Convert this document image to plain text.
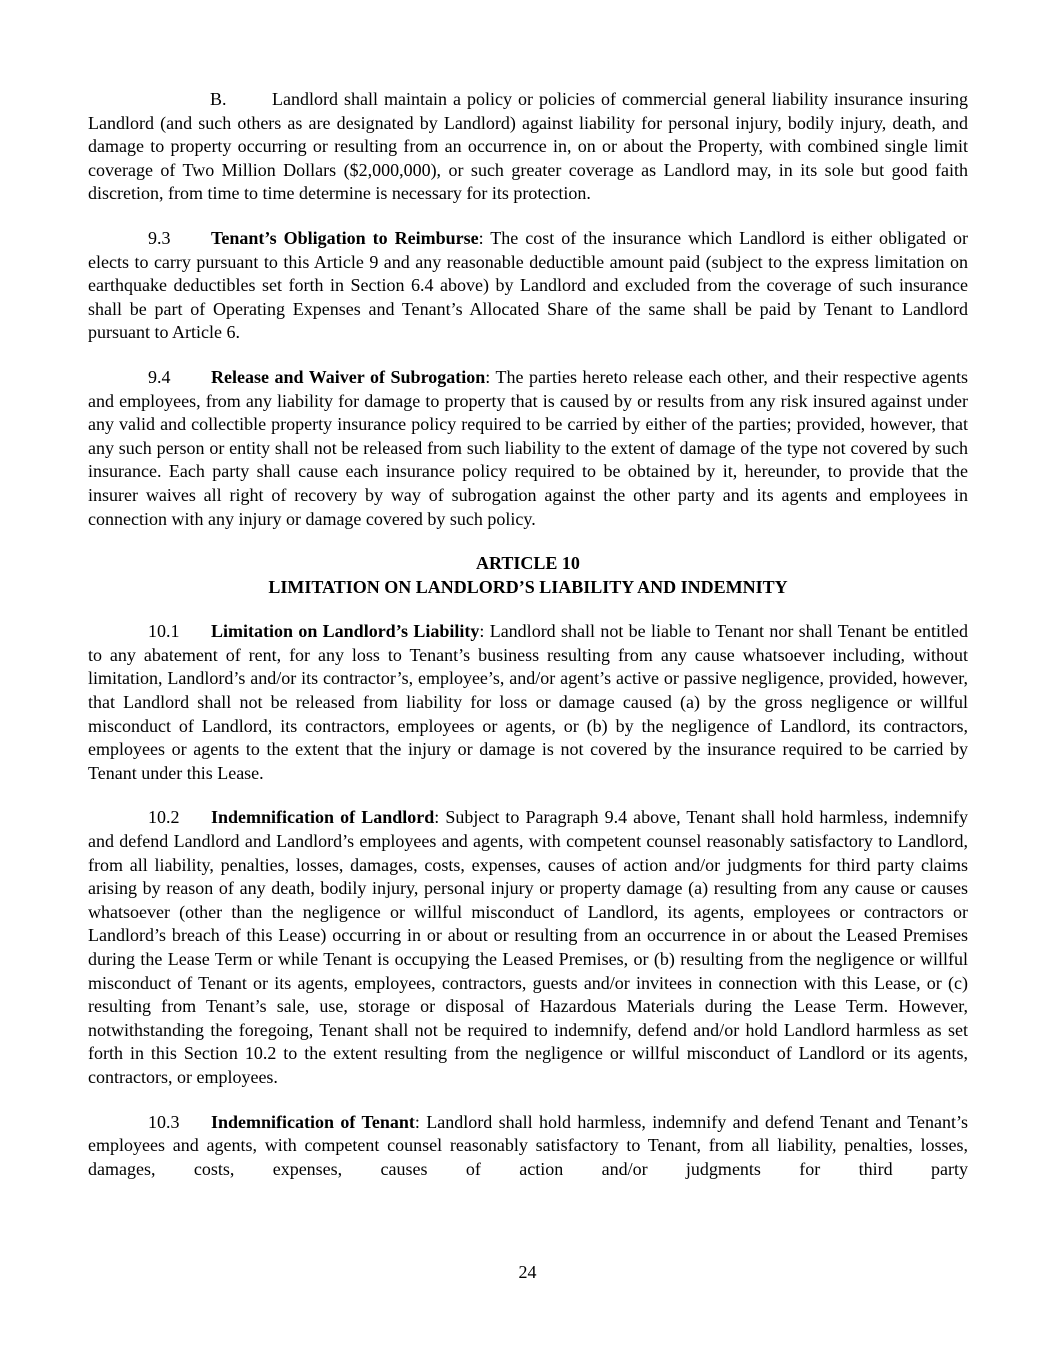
B.	Landlord shall maintain a policy or policies of commercial general liability insurance insuring Landlord (and such others as are designated by Landlord) against liability for personal injury, bodily injury, death, and damage to property occurring or resulting from an occurrence in, on or about the Property, with combined single limit coverage of Two Million Dollars ($2,000,000), or such greater coverage as Landlord may, in its sole but good faith discretion, from time to time determine is necessary for its protection.

9.3 Tenant’s Obligation to Reimburse: The cost of the insurance which Landlord is either obligated or elects to carry pursuant to this Article 9 and any reasonable deductible amount paid (subject to the express limitation on earthquake deductibles set forth in Section 6.4 above) by Landlord and excluded from the coverage of such insurance shall be part of Operating Expenses and Tenant’s Allocated Share of the same shall be paid by Tenant to Landlord pursuant to Article 6.

9.4 Release and Waiver of Subrogation: The parties hereto release each other, and their respective agents and employees, from any liability for damage to property that is caused by or results from any risk insured against under any valid and collectible property insurance policy required to be carried by either of the parties; provided, however, that any such person or entity shall not be released from such liability to the extent of damage of the type not covered by such insurance. Each party shall cause each insurance policy required to be obtained by it, hereunder, to provide that the insurer waives all right of recovery by way of subrogation against the other party and its agents and employees in connection with any injury or damage covered by such policy.

ARTICLE 10
LIMITATION ON LANDLORD’S LIABILITY AND INDEMNITY

10.1 Limitation on Landlord’s Liability: Landlord shall not be liable to Tenant nor shall Tenant be entitled to any abatement of rent, for any loss to Tenant’s business resulting from any cause whatsoever including, without limitation, Landlord’s and/or its contractor’s, employee’s, and/or agent’s active or passive negligence, provided, however, that Landlord shall not be released from liability for loss or damage caused (a) by the gross negligence or willful misconduct of Landlord, its contractors, employees or agents, or (b) by the negligence of Landlord, its contractors, employees or agents to the extent that the injury or damage is not covered by the insurance required to be carried by Tenant under this Lease.

10.2 Indemnification of Landlord: Subject to Paragraph 9.4 above, Tenant shall hold harmless, indemnify and defend Landlord and Landlord’s employees and agents, with competent counsel reasonably satisfactory to Landlord, from all liability, penalties, losses, damages, costs, expenses, causes of action and/or judgments for third party claims arising by reason of any death, bodily injury, personal injury or property damage (a) resulting from any cause or causes whatsoever (other than the negligence or willful misconduct of Landlord, its agents, employees or contractors or Landlord’s breach of this Lease) occurring in or about or resulting from an occurrence in or about the Leased Premises during the Lease Term or while Tenant is occupying the Leased Premises, or (b) resulting from the negligence or willful misconduct of Tenant or its agents, employees, contractors, guests and/or invitees in connection with this Lease, or (c) resulting from Tenant’s sale, use, storage or disposal of Hazardous Materials during the Lease Term. However, notwithstanding the foregoing, Tenant shall not be required to indemnify, defend and/or hold Landlord harmless as set forth in this Section 10.2 to the extent resulting from the negligence or willful misconduct of Landlord or its agents, contractors, or employees.

10.3 Indemnification of Tenant: Landlord shall hold harmless, indemnify and defend Tenant and Tenant’s employees and agents, with competent counsel reasonably satisfactory to Tenant, from all liability, penalties, losses, damages, costs, expenses, causes of action and/or judgments for third party

24
